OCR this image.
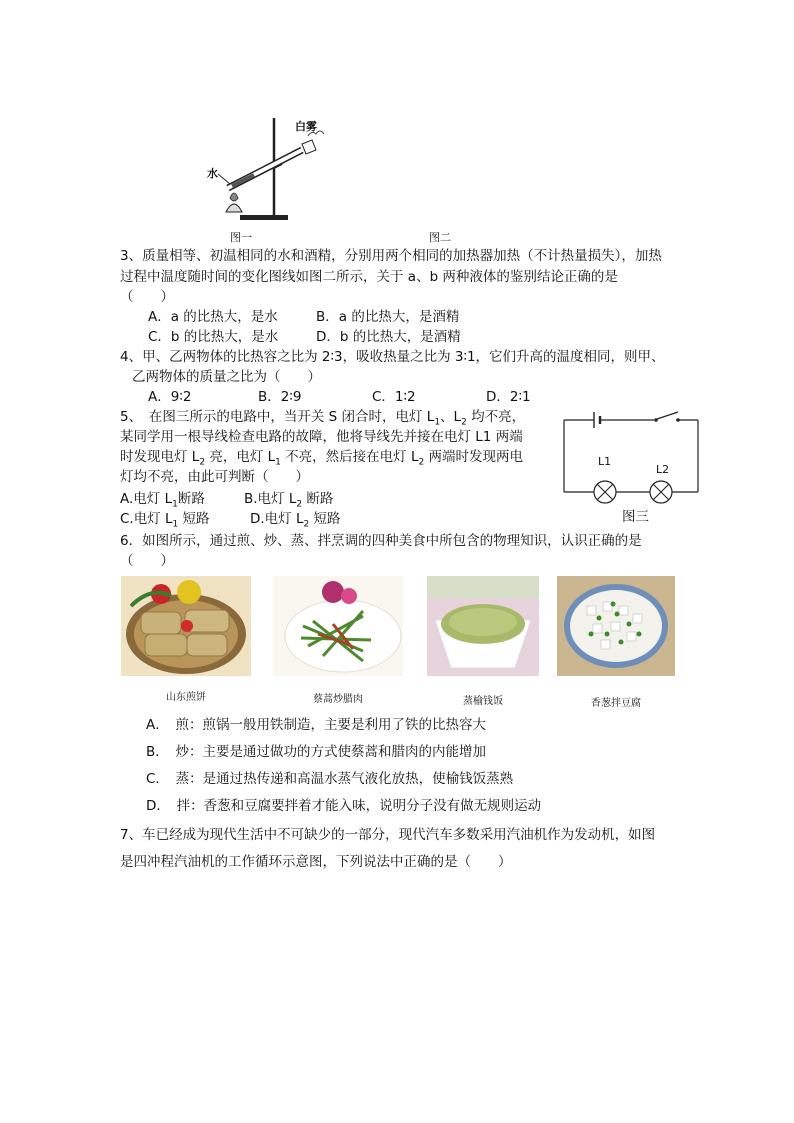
白雾
水
图一	图二
3、质量相等、初温相同的水和酒精，分别用两个相同的加热器加热（不计热量损失），加热
过程中温度随时间的变化图线如图二所示，关于 a、b 两种液体的鉴别结论正确的是
（　　）
A．a 的比热大，是水	B．a 的比热大，是酒精
C．b 的比热大，是水	D．b 的比热大，是酒精
4、甲、乙两物体的比热容之比为 2∶3，吸收热量之比为 3∶1，它们升高的温度相同，则甲、
乙两物体的质量之比为（　　）
A．9∶2	B．2∶9	C．1∶2	D．2∶1
5、　在图三所示的电路中，当开关 S 闭合时，电灯 $L_1$、$L_2$ 均不亮，
某同学用一根导线检查电路的故障，他将导线先并接在电灯 L1 两端
时发现电灯 $L_2$ 亮，电灯 $L_1$ 不亮，然后接在电灯 $L_2$ 两端时发现两电
灯均不亮，由此可判断（　　）
A.电灯 $L_1$断路	B.电灯 $L_2$ 断路
C.电灯 $L_1$ 短路	D.电灯 $L_2$ 短路
L1
L2
图三
6．如图所示，通过煎、炒、蒸、拌烹调的四种美食中所包含的物理知识，认识正确的是
（　　）
山东煎饼	蔡蒿炒腊肉	蒸榆钱饭	香葱拌豆腐
A．　煎：煎锅一般用铁制造，主要是利用了铁的比热容大
B．　炒：主要是通过做功的方式使蔡蒿和腊肉的内能增加
C．　蒸：是通过热传递和高温水蒸气液化放热，使榆钱饭蒸熟
D．　拌：香葱和豆腐要拌着才能入味，说明分子没有做无规则运动
7、车已经成为现代生活中不可缺少的一部分，现代汽车多数采用汽油机作为发动机，如图
是四冲程汽油机的工作循环示意图，下列说法中正确的是（　　）
